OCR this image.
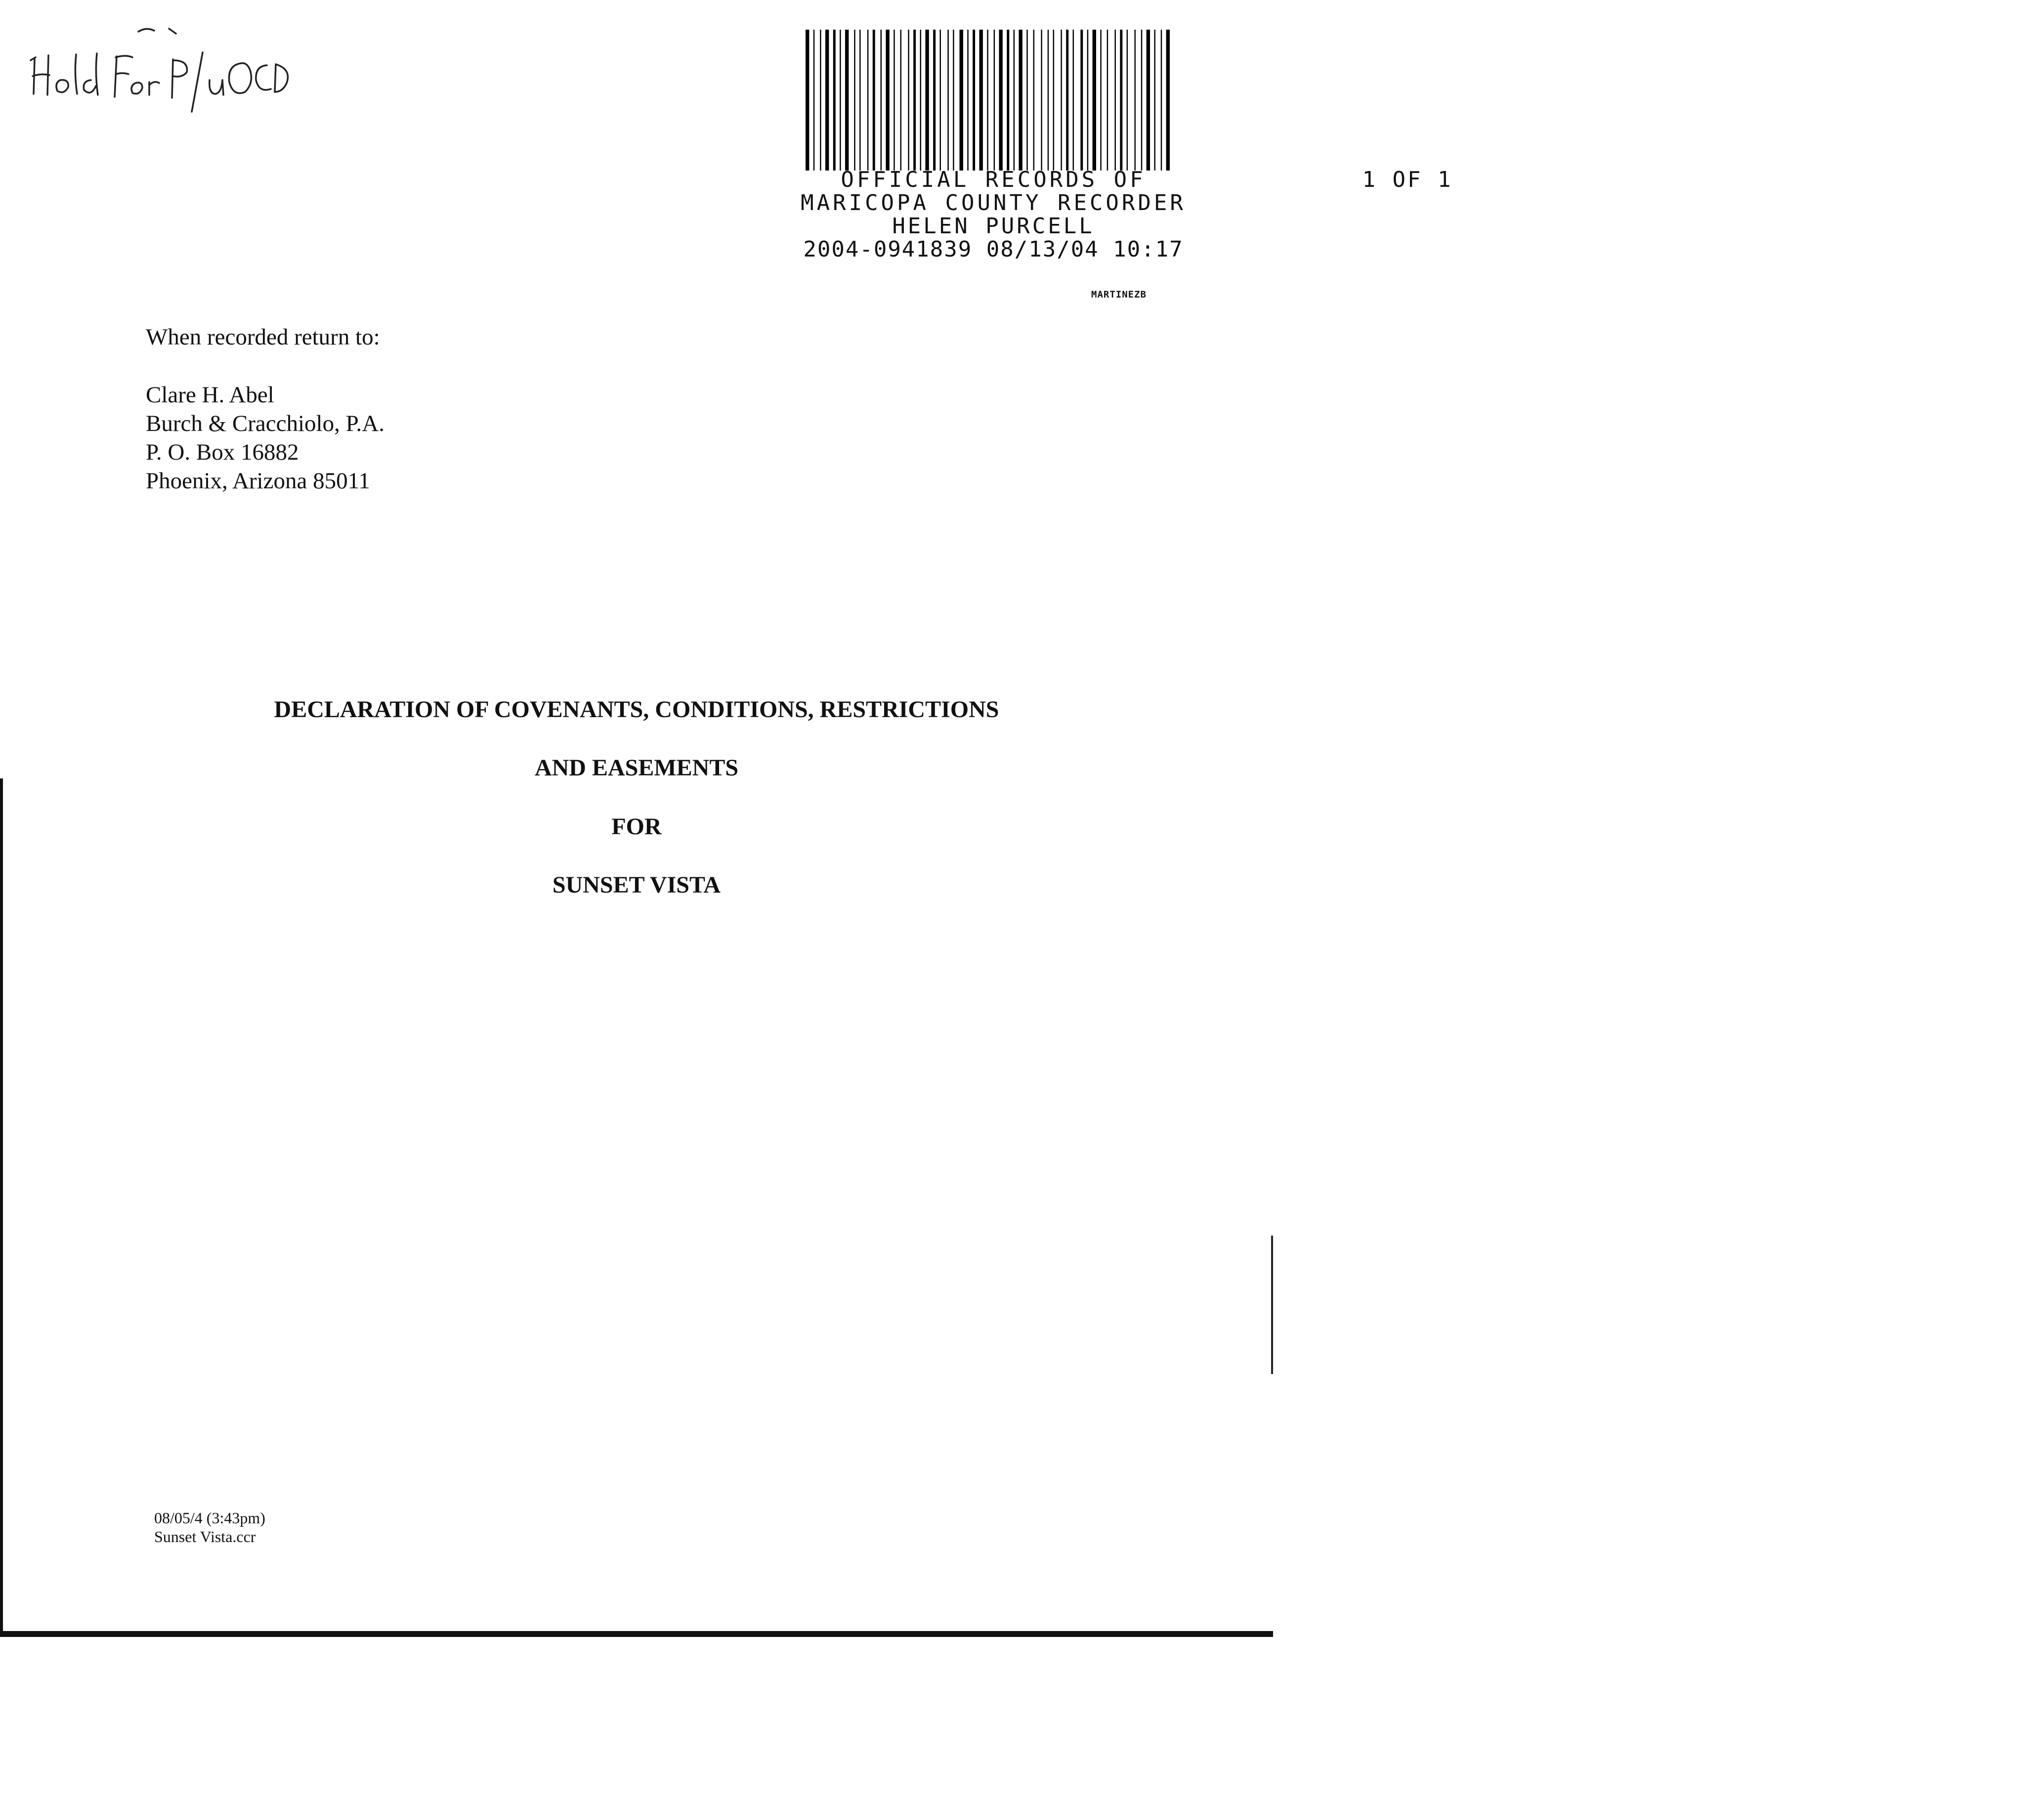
Hold For P/u OCD
OFFICIAL RECORDS OF
MARICOPA COUNTY RECORDER
HELEN PURCELL
2004-0941839 08/13/04 10:17
1 OF 1
MARTINEZB
When recorded return to:
Clare H. Abel
Burch & Cracchiolo, P.A.
P. O. Box 16882
Phoenix, Arizona 85011
DECLARATION OF COVENANTS, CONDITIONS, RESTRICTIONS
AND EASEMENTS
FOR
SUNSET VISTA
08/05/4 (3:43pm)
Sunset Vista.ccr
